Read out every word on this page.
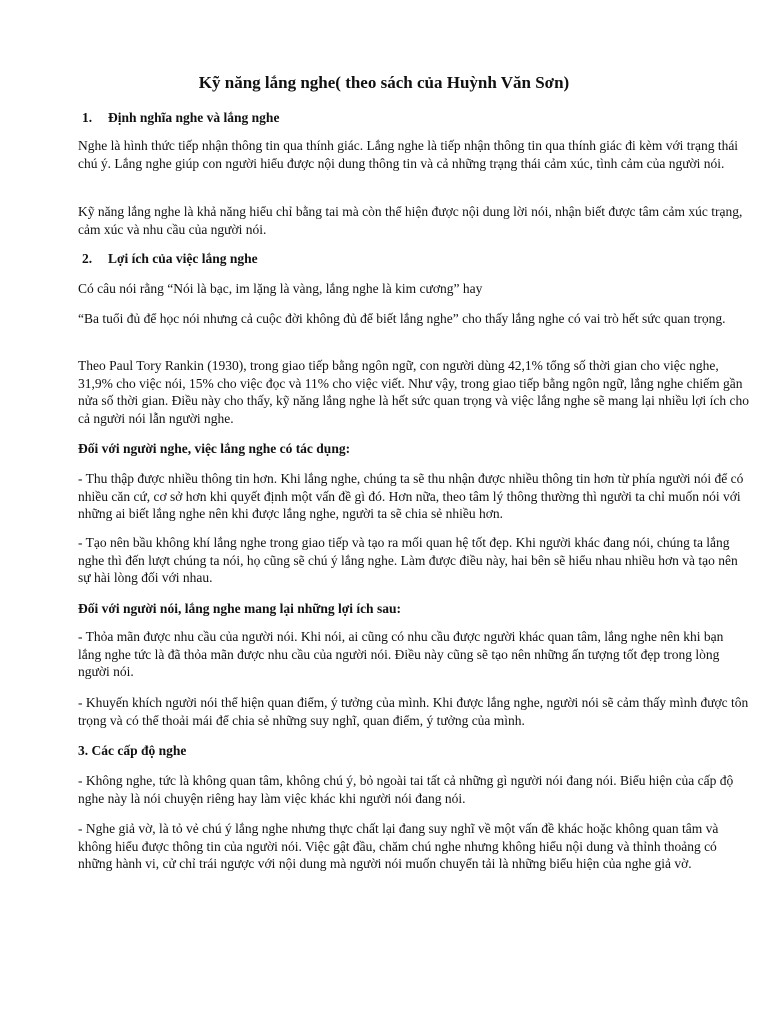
Kỹ năng lắng nghe( theo sách của Huỳnh Văn Sơn)
1. Định nghĩa nghe và lắng nghe

Nghe là hình thức tiếp nhận thông tin qua thính giác. Lắng nghe là tiếp nhận thông tin qua thính giác đi kèm với trạng thái chú ý. Lắng nghe giúp con người hiểu được nội dung thông tin và cả những trạng thái cảm xúc, tình cảm của người nói.

Kỹ năng lắng nghe là khả năng hiểu chỉ bằng tai mà còn thể hiện được nội dung lời nói, nhận biết được tâm cảm xúc trạng, cảm xúc và nhu cầu của người nói.

2. Lợi ích của việc lắng nghe

Có câu nói rằng “Nói là bạc, im lặng là vàng, lắng nghe là kim cương” hay

“Ba tuổi đủ để học nói nhưng cả cuộc đời không đủ để biết lắng nghe” cho thấy lắng nghe có vai trò hết sức quan trọng.

Theo Paul Tory Rankin (1930), trong giao tiếp bằng ngôn ngữ, con người dùng 42,1% tổng số thời gian cho việc nghe, 31,9% cho việc nói, 15% cho việc đọc và 11% cho việc viết. Như vậy, trong giao tiếp bằng ngôn ngữ, lắng nghe chiếm gần nửa số thời gian. Điều này cho thấy, kỹ năng lắng nghe là hết sức quan trọng và việc lắng nghe sẽ mang lại nhiều lợi ích cho cả người nói lẫn người nghe.

Đối với người nghe, việc lắng nghe có tác dụng:

- Thu thập được nhiều thông tin hơn. Khi lắng nghe, chúng ta sẽ thu nhận được nhiều thông tin hơn từ phía người nói để có nhiều căn cứ, cơ sở hơn khi quyết định một vấn đề gì đó. Hơn nữa, theo tâm lý thông thường thì người ta chỉ muốn nói với những ai biết lắng nghe nên khi được lắng nghe, người ta sẽ chia sẻ nhiều hơn.

- Tạo nên bầu không khí lắng nghe trong giao tiếp và tạo ra mối quan hệ tốt đẹp. Khi người khác đang nói, chúng ta lắng nghe thì đến lượt chúng ta nói, họ cũng sẽ chú ý lắng nghe. Làm được điều này, hai bên sẽ hiểu nhau nhiều hơn và tạo nên sự hài lòng đối với nhau.

Đối với người nói, lắng nghe mang lại những lợi ích sau:

- Thỏa mãn được nhu cầu của người nói. Khi nói, ai cũng có nhu cầu được người khác quan tâm, lắng nghe nên khi bạn lắng nghe tức là đã thỏa mãn được nhu cầu của người nói. Điều này cũng sẽ tạo nên những ấn tượng tốt đẹp trong lòng người nói.

- Khuyến khích người nói thể hiện quan điểm, ý tưởng của mình. Khi được lắng nghe, người nói sẽ cảm thấy mình được tôn trọng và có thể thoải mái để chia sẻ những suy nghĩ, quan điểm, ý tưởng của mình.

3. Các cấp độ nghe

- Không nghe, tức là không quan tâm, không chú ý, bỏ ngoài tai tất cả những gì người nói đang nói. Biểu hiện của cấp độ nghe này là nói chuyện riêng hay làm việc khác khi người nói đang nói.

- Nghe giả vờ, là tỏ vẻ chú ý lắng nghe nhưng thực chất lại đang suy nghĩ về một vấn đề khác hoặc không quan tâm và không hiểu được thông tin của người nói. Việc gật đầu, chăm chú nghe nhưng không hiểu nội dung và thỉnh thoảng có những hành vi, cử chỉ trái ngược với nội dung mà người nói muốn chuyển tải là những biểu hiện của nghe giả vờ.
